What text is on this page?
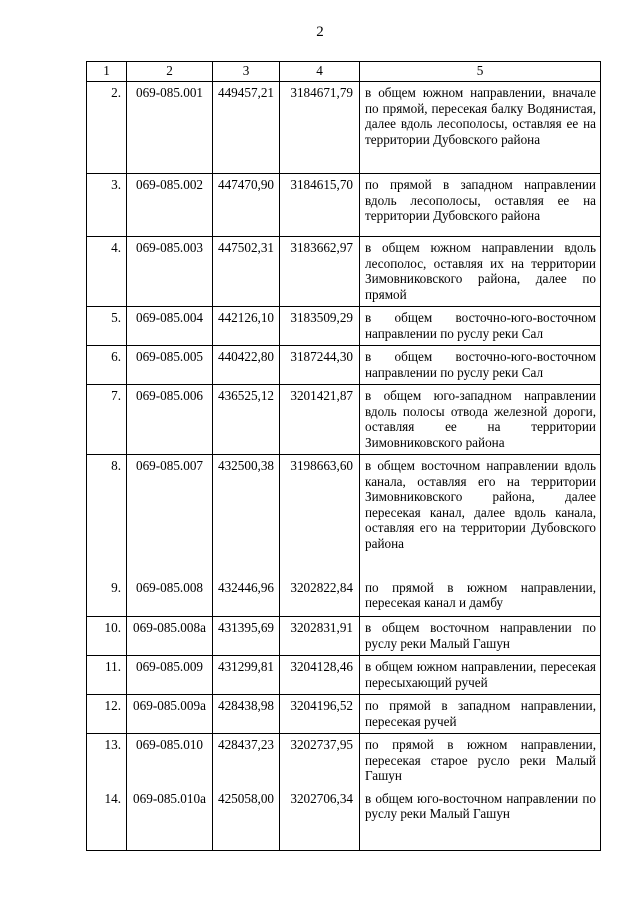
2
1	2	3	4	5
2.	069-085.001	449457,21	3184671,79	в общем южном направлении, вначале по прямой, пересекая балку Водянистая, далее вдоль лесополосы, оставляя ее на территории Дубовского района
3.	069-085.002	447470,90	3184615,70	по прямой в западном направлении вдоль лесополосы, оставляя ее на территории Дубовского района
4.	069-085.003	447502,31	3183662,97	в общем южном направлении вдоль лесополос, оставляя их на территории Зимовниковского района, далее по прямой
5.	069-085.004	442126,10	3183509,29	в общем восточно-юго-восточном направлении по руслу реки Сал
6.	069-085.005	440422,80	3187244,30	в общем восточно-юго-восточном направлении по руслу реки Сал
7.	069-085.006	436525,12	3201421,87	в общем юго-западном направлении вдоль полосы отвода железной дороги, оставляя ее на территории Зимовниковского района
8.	069-085.007	432500,38	3198663,60	в общем восточном направлении вдоль канала, оставляя его на территории Зимовниковского района, далее пересекая канал, далее вдоль канала, оставляя его на территории Дубовского района
9.	069-085.008	432446,96	3202822,84	по прямой в южном направлении, пересекая канал и дамбу
10.	069-085.008а	431395,69	3202831,91	в общем восточном направлении по руслу реки Малый Гашун
11.	069-085.009	431299,81	3204128,46	в общем южном направлении, пересекая пересыхающий ручей
12.	069-085.009а	428438,98	3204196,52	по прямой в западном направлении, пересекая ручей
13.	069-085.010	428437,23	3202737,95	по прямой в южном направлении, пересекая старое русло реки Малый Гашун
14.	069-085.010а	425058,00	3202706,34	в общем юго-восточном направлении по руслу реки Малый Гашун
